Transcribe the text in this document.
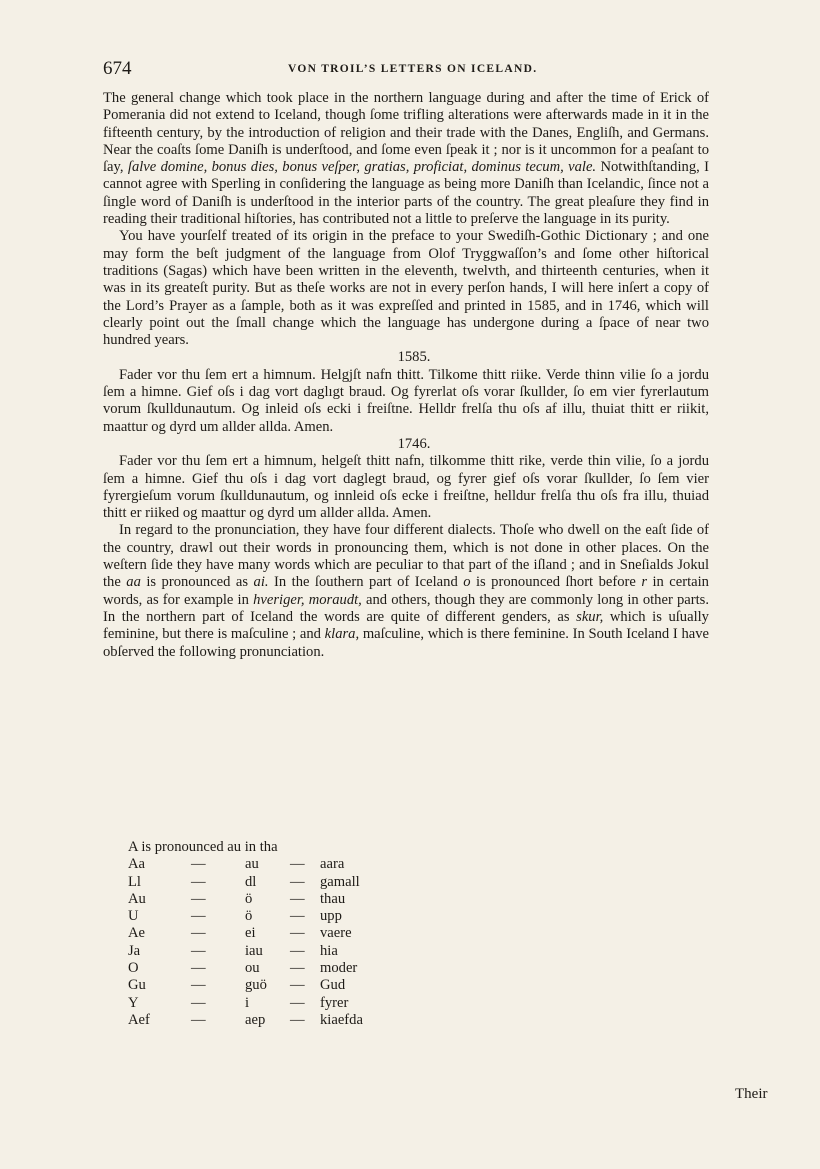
674	VON TROIL’S LETTERS ON ICELAND.

The general change which took place in the northern language during and after the time of Erick of Pomerania did not extend to Iceland, though ſome trifling alterations were afterwards made in it in the fifteenth century, by the introduction of religion and their trade with the Danes, Engliſh, and Germans. Near the coaſts ſome Daniſh is underſtood, and ſome even ſpeak it ; nor is it uncommon for a peaſant to ſay, ſalve domine, bonus dies, bonus veſper, gratias, proficiat, dominus tecum, vale. Notwithſtanding, I cannot agree with Sperling in conſidering the language as being more Daniſh than Icelandic, ſince not a ſingle word of Daniſh is underſtood in the interior parts of the country. The great pleaſure they find in reading their traditional hiſtories, has contributed not a little to preſerve the language in its purity.

You have yourſelf treated of its origin in the preface to your Swediſh-Gothic Dictionary ; and one may form the beſt judgment of the language from Olof Tryggwaſſon’s and ſome other hiſtorical traditions (Sagas) which have been written in the eleventh, twelvth, and thirteenth centuries, when it was in its greateſt purity. But as theſe works are not in every perſon hands, I will here inſert a copy of the Lord’s Prayer as a ſample, both as it was expreſſed and printed in 1585, and in 1746, which will clearly point out the ſmall change which the language has undergone during a ſpace of near two hundred years.

1585.

Fader vor thu ſem ert a himnum. Helgjſt nafn thitt. Tilkome thitt riike. Verde thinn vilie ſo a jordu ſem a himne. Gief oſs i dag vort daglıgt braud. Og fyrerlat oſs vorar ſkullder, ſo em vier fyrerlautum vorum ſkulldunautum. Og inleid oſs ecki i freiſtne. Helldr frelſa thu oſs af illu, thuiat thitt er riikit, maattur og dyrd um allder allda. Amen.

1746.

Fader vor thu ſem ert a himnum, helgeſt thitt nafn, tilkomme thitt rike, verde thin vilie, ſo a jordu ſem a himne. Gief thu oſs i dag vort daglegt braud, og fyrer gief oſs vorar ſkullder, ſo ſem vier fyrergieſum vorum ſkulldunautum, og innleid oſs ecke i freiſtne, helldur frelſa thu oſs fra illu, thuiad thitt er riiked og maattur og dyrd um allder allda. Amen.

In regard to the pronunciation, they have four different dialects. Thoſe who dwell on the eaſt ſide of the country, drawl out their words in pronouncing them, which is not done in other places. On the weſtern ſide they have many words which are peculiar to that part of the iſland ; and in Sneſialds Jokul the aa is pronounced as ai. In the ſouthern part of Iceland o is pronounced ſhort before r in certain words, as for example in hveriger, moraudt, and others, though they are commonly long in other parts. In the northern part of Iceland the words are quite of different genders, as skur, which is uſually feminine, but there is maſculine ; and klara, maſculine, which is there feminine. In South Iceland I have obſerved the following pronunciation.

A is pronounced au in tha
Aa	—	au — aara
Ll	—	dl — gamall
Au	—	ö	— thau
U	—	ö	— upp
Ae	—	ei — vaere
Ja	—	iau — hia
O	—	ou — moder
Gu	—	guö — Gud
Y	—	i	— fyrer
Aef	—	aep — kiaefda
Their
